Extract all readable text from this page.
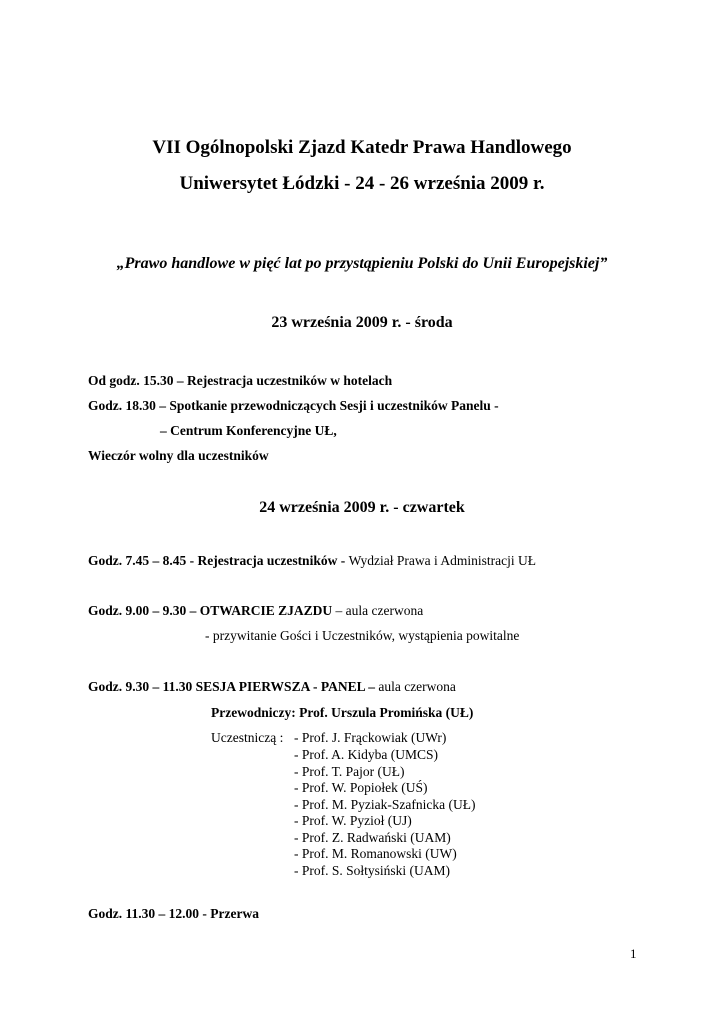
VII Ogólnopolski Zjazd Katedr Prawa Handlowego
Uniwersytet Łódzki - 24 - 26 września 2009 r.
„Prawo handlowe w pięć lat po przystąpieniu Polski do Unii Europejskiej”
23 września 2009 r. - środa
Od godz. 15.30 – Rejestracja uczestników w hotelach
Godz. 18.30 – Spotkanie przewodniczących Sesji i uczestników Panelu -
– Centrum Konferencyjne UŁ,
Wieczór wolny dla uczestników
24 września 2009 r. - czwartek
Godz. 7.45 – 8.45 - Rejestracja uczestników - Wydział Prawa i Administracji UŁ
Godz. 9.00 – 9.30 – OTWARCIE ZJAZDU – aula czerwona
- przywitanie Gości i Uczestników, wystąpienia powitalne
Godz. 9.30 – 11.30 SESJA PIERWSZA - PANEL – aula czerwona
Przewodniczy: Prof. Urszula Promińska (UŁ)
Uczestniczą : - Prof. J. Frąckowiak (UWr)
- Prof. A. Kidyba (UMCS)
- Prof. T. Pajor (UŁ)
- Prof. W. Popiołek (UŚ)
- Prof. M. Pyziak-Szafnicka (UŁ)
- Prof. W. Pyzioł (UJ)
- Prof. Z. Radwański (UAM)
- Prof. M. Romanowski (UW)
- Prof. S. Sołtysiński (UAM)
Godz. 11.30 – 12.00 - Przerwa
1
